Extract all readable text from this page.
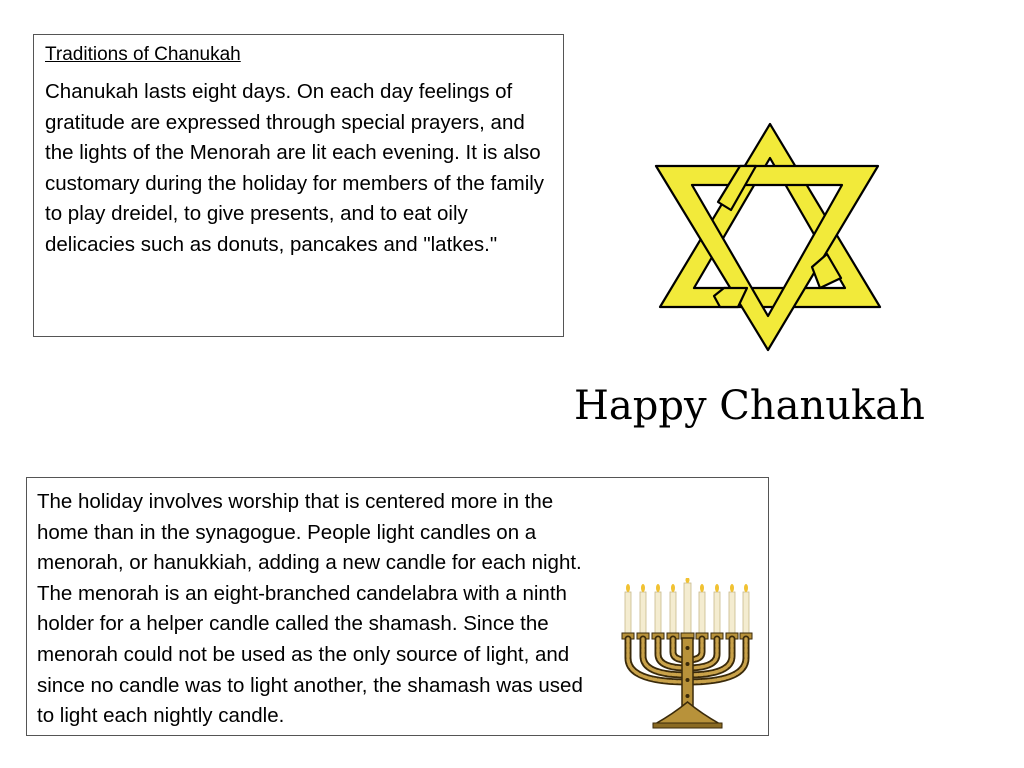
Traditions of Chanukah

Chanukah lasts eight days. On each day feelings of gratitude are expressed through special prayers, and the lights of the Menorah are lit each evening. It is also customary during the holiday for members of the family to play dreidel, to give presents, and to eat oily delicacies such as donuts, pancakes and "latkes."

Happy Chanukah

The holiday involves worship that is centered more in the home than in the synagogue. People light candles on a menorah, or hanukkiah, adding a new candle for each night. The menorah is an eight-branched candelabra with a ninth holder for a helper candle called the shamash. Since the menorah could not be used as the only source of light, and since no candle was to light another, the shamash was used to light each nightly candle.
